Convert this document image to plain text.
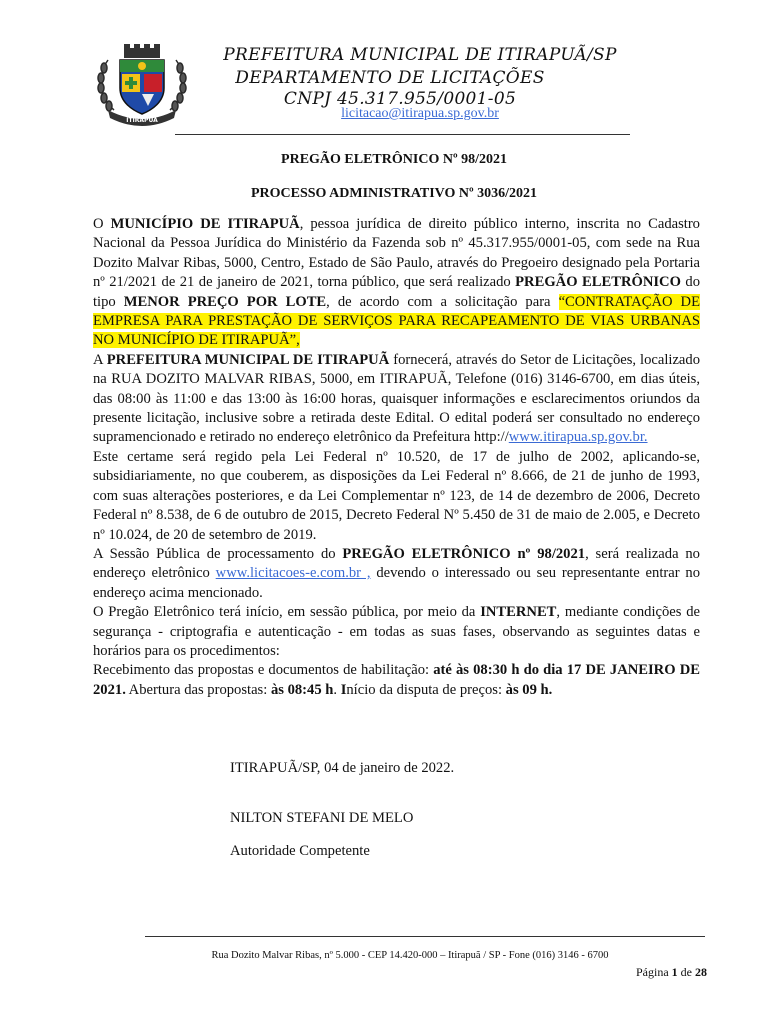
ITIRAPUÃ
PREFEITURA MUNICIPAL DE ITIRAPUÃ/SP
DEPARTAMENTO DE LICITAÇÕES
CNPJ 45.317.955/0001-05
licitacao@itirapua.sp.gov.br
PREGÃO ELETRÔNICO Nº 98/2021
PROCESSO ADMINISTRATIVO Nº 3036/2021

O MUNICÍPIO DE ITIRAPUÃ, pessoa jurídica de direito público interno, inscrita no Cadastro Nacional da Pessoa Jurídica do Ministério da Fazenda sob nº 45.317.955/0001-05, com sede na Rua Dozito Malvar Ribas, 5000, Centro, Estado de São Paulo, através do Pregoeiro designado pela Portaria nº 21/2021 de 21 de janeiro de 2021, torna público, que será realizado PREGÃO ELETRÔNICO do tipo MENOR PREÇO POR LOTE, de acordo com a solicitação para “CONTRATAÇÃO DE EMPRESA PARA PRESTAÇÃO DE SERVIÇOS PARA RECAPEAMENTO DE VIAS URBANAS NO MUNICÍPIO DE ITIRAPUÃ”,

A PREFEITURA MUNICIPAL DE ITIRAPUÃ fornecerá, através do Setor de Licitações, localizado na RUA DOZITO MALVAR RIBAS, 5000, em ITIRAPUÃ, Telefone (016) 3146-6700, em dias úteis, das 08:00 às 11:00 e das 13:00 às 16:00 horas, quaisquer informações e esclarecimentos oriundos da presente licitação, inclusive sobre a retirada deste Edital. O edital poderá ser consultado no endereço supramencionado e retirado no endereço eletrônico da Prefeitura http://www.itirapua.sp.gov.br.

Este certame será regido pela Lei Federal nº 10.520, de 17 de julho de 2002, aplicando-se, subsidiariamente, no que couberem, as disposições da Lei Federal nº 8.666, de 21 de junho de 1993, com suas alterações posteriores, e da Lei Complementar nº 123, de 14 de dezembro de 2006, Decreto Federal nº 8.538, de 6 de outubro de 2015, Decreto Federal Nº 5.450 de 31 de maio de 2.005, e Decreto nº 10.024, de 20 de setembro de 2019.

A Sessão Pública de processamento do PREGÃO ELETRÔNICO nº 98/2021, será realizada no endereço eletrônico www.licitacoes-e.com.br , devendo o interessado ou seu representante entrar no endereço acima mencionado.

O Pregão Eletrônico terá início, em sessão pública, por meio da INTERNET, mediante condições de segurança - criptografia e autenticação - em todas as suas fases, observando as seguintes datas e horários para os procedimentos:

Recebimento das propostas e documentos de habilitação: até às 08:30 h do dia 17 DE JANEIRO DE 2021. Abertura das propostas: às 08:45 h. Início da disputa de preços: às 09 h.

ITIRAPUÃ/SP, 04 de janeiro de 2022.
NILTON STEFANI DE MELO
Autoridade Competente
Rua Dozito Malvar Ribas, nº 5.000 - CEP 14.420-000 – Itirapuã / SP - Fone (016) 3146 - 6700
Página 1 de 28
